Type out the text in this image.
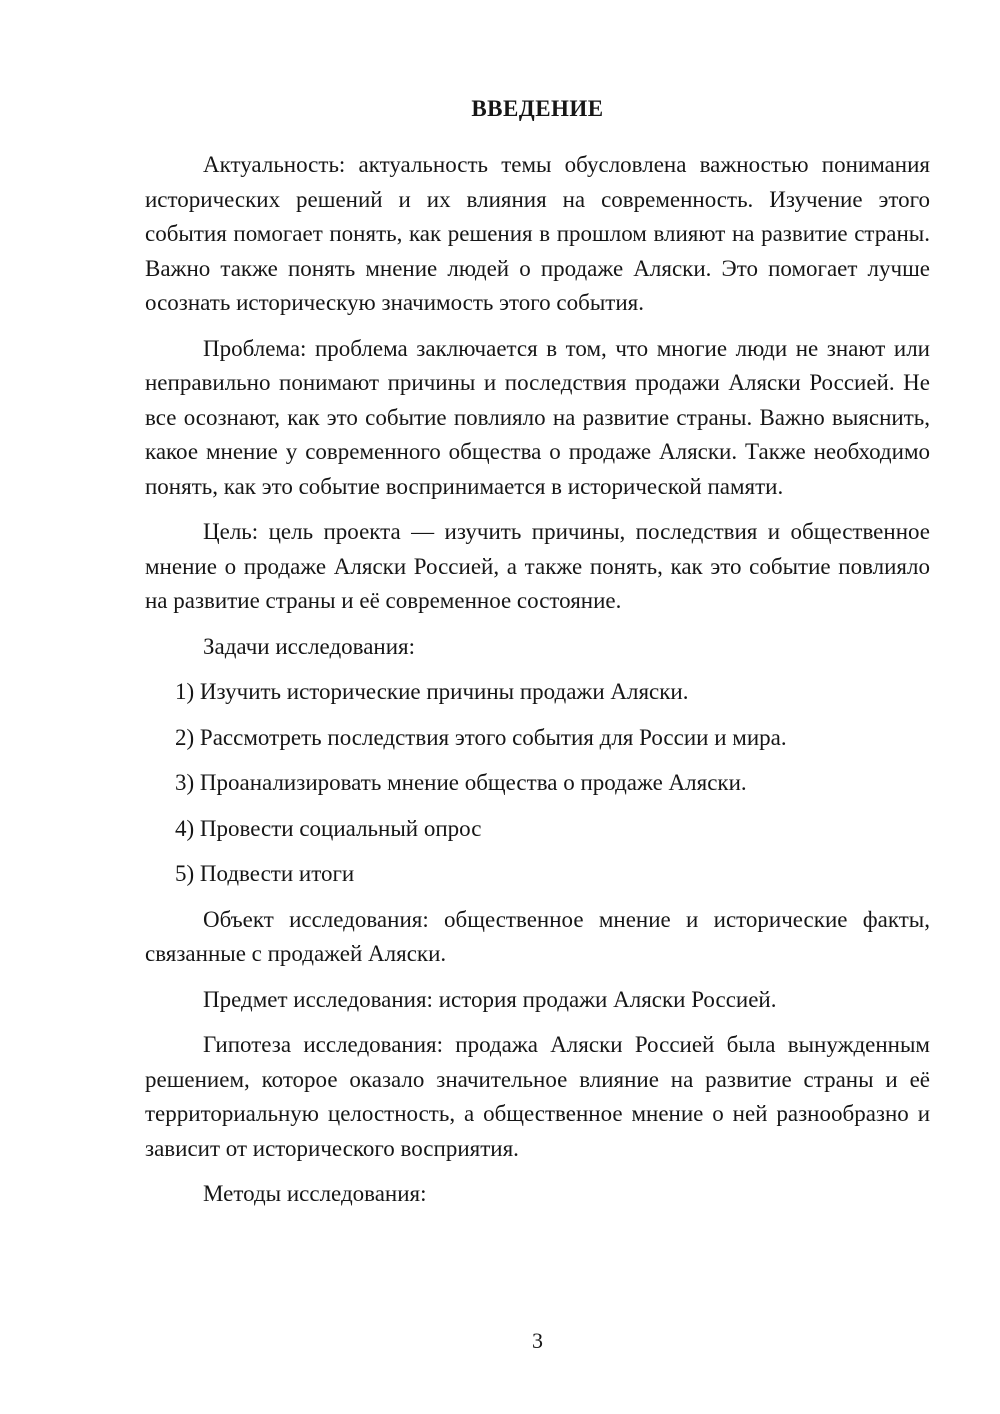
ВВЕДЕНИЕ

Актуальность: актуальность темы обусловлена важностью понимания исторических решений и их влияния на современность. Изучение этого события помогает понять, как решения в прошлом влияют на развитие страны. Важно также понять мнение людей о продаже Аляски. Это помогает лучше осознать историческую значимость этого события.

Проблема: проблема заключается в том, что многие люди не знают или неправильно понимают причины и последствия продажи Аляски Россией. Не все осознают, как это событие повлияло на развитие страны. Важно выяснить, какое мнение у современного общества о продаже Аляски. Также необходимо понять, как это событие воспринимается в исторической памяти.

Цель: цель проекта — изучить причины, последствия и общественное мнение о продаже Аляски Россией, а также понять, как это событие повлияло на развитие страны и её современное состояние.

Задачи исследования:

1) Изучить исторические причины продажи Аляски.

2) Рассмотреть последствия этого события для России и мира.

3) Проанализировать мнение общества о продаже Аляски.

4) Провести социальный опрос

5) Подвести итоги

Объект исследования: общественное мнение и исторические факты, связанные с продажей Аляски.

Предмет исследования: история продажи Аляски Россией.

Гипотеза исследования: продажа Аляски Россией была вынужденным решением, которое оказало значительное влияние на развитие страны и её территориальную целостность, а общественное мнение о ней разнообразно и зависит от исторического восприятия.

Методы исследования:

3
